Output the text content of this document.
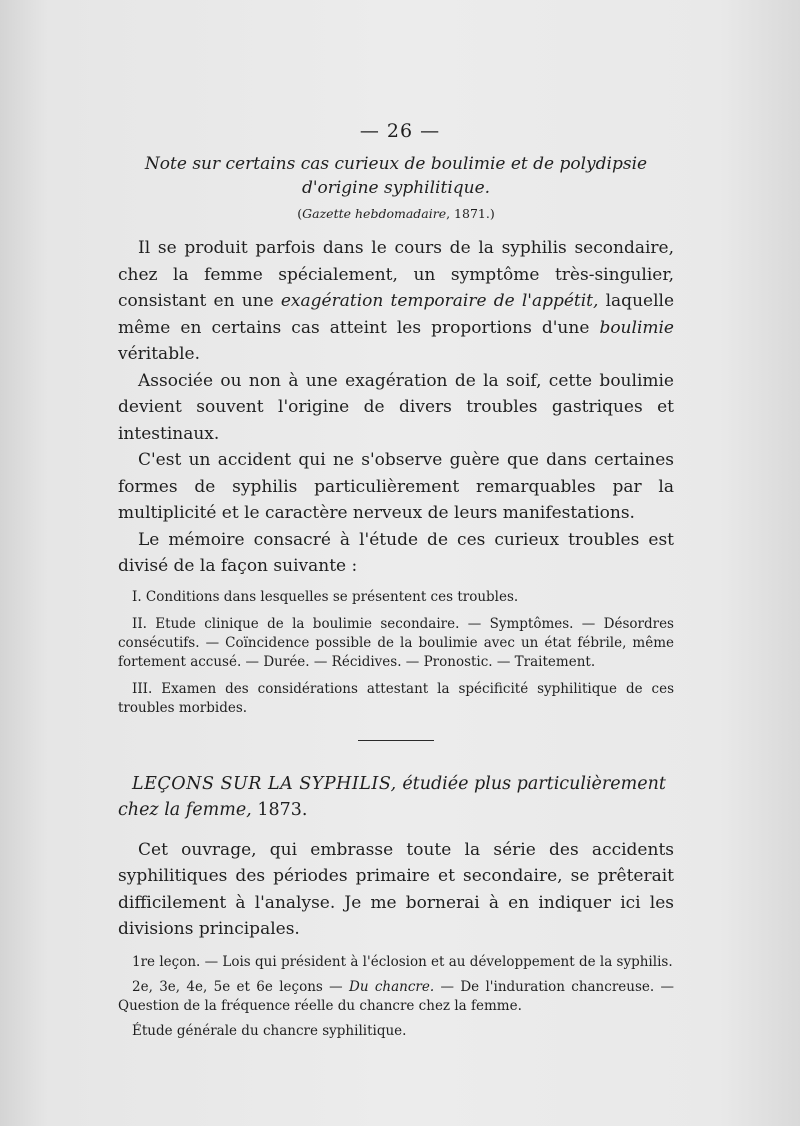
— 26 —

Note sur certains cas curieux de boulimie et de polydipsie d'origine syphilitique.

(Gazette hebdomadaire, 1871.)

Il se produit parfois dans le cours de la syphilis secondaire, chez la femme spécialement, un symptôme très-singulier, consistant en une exagération temporaire de l'appétit, laquelle même en certains cas atteint les proportions d'une boulimie véritable.

Associée ou non à une exagération de la soif, cette boulimie devient souvent l'origine de divers troubles gastriques et intestinaux.

C'est un accident qui ne s'observe guère que dans certaines formes de syphilis particulièrement remarquables par la multiplicité et le caractère nerveux de leurs manifestations.

Le mémoire consacré à l'étude de ces curieux troubles est divisé de la façon suivante :

I. Conditions dans lesquelles se présentent ces troubles.

II. Etude clinique de la boulimie secondaire. — Symptômes. — Désordres consécutifs. — Coïncidence possible de la boulimie avec un état fébrile, même fortement accusé. — Durée. — Récidives. — Pronostic. — Traitement.

III. Examen des considérations attestant la spécificité syphilitique de ces troubles morbides.

LEÇONS SUR LA SYPHILIS, étudiée plus particulièrement chez la femme, 1873.

Cet ouvrage, qui embrasse toute la série des accidents syphilitiques des périodes primaire et secondaire, se prêterait difficilement à l'analyse. Je me bornerai à en indiquer ici les divisions principales.

1re leçon. — Lois qui président à l'éclosion et au développement de la syphilis.

2e, 3e, 4e, 5e et 6e leçons — Du chancre. — De l'induration chancreuse. — Question de la fréquence réelle du chancre chez la femme.

Étude générale du chancre syphilitique.
